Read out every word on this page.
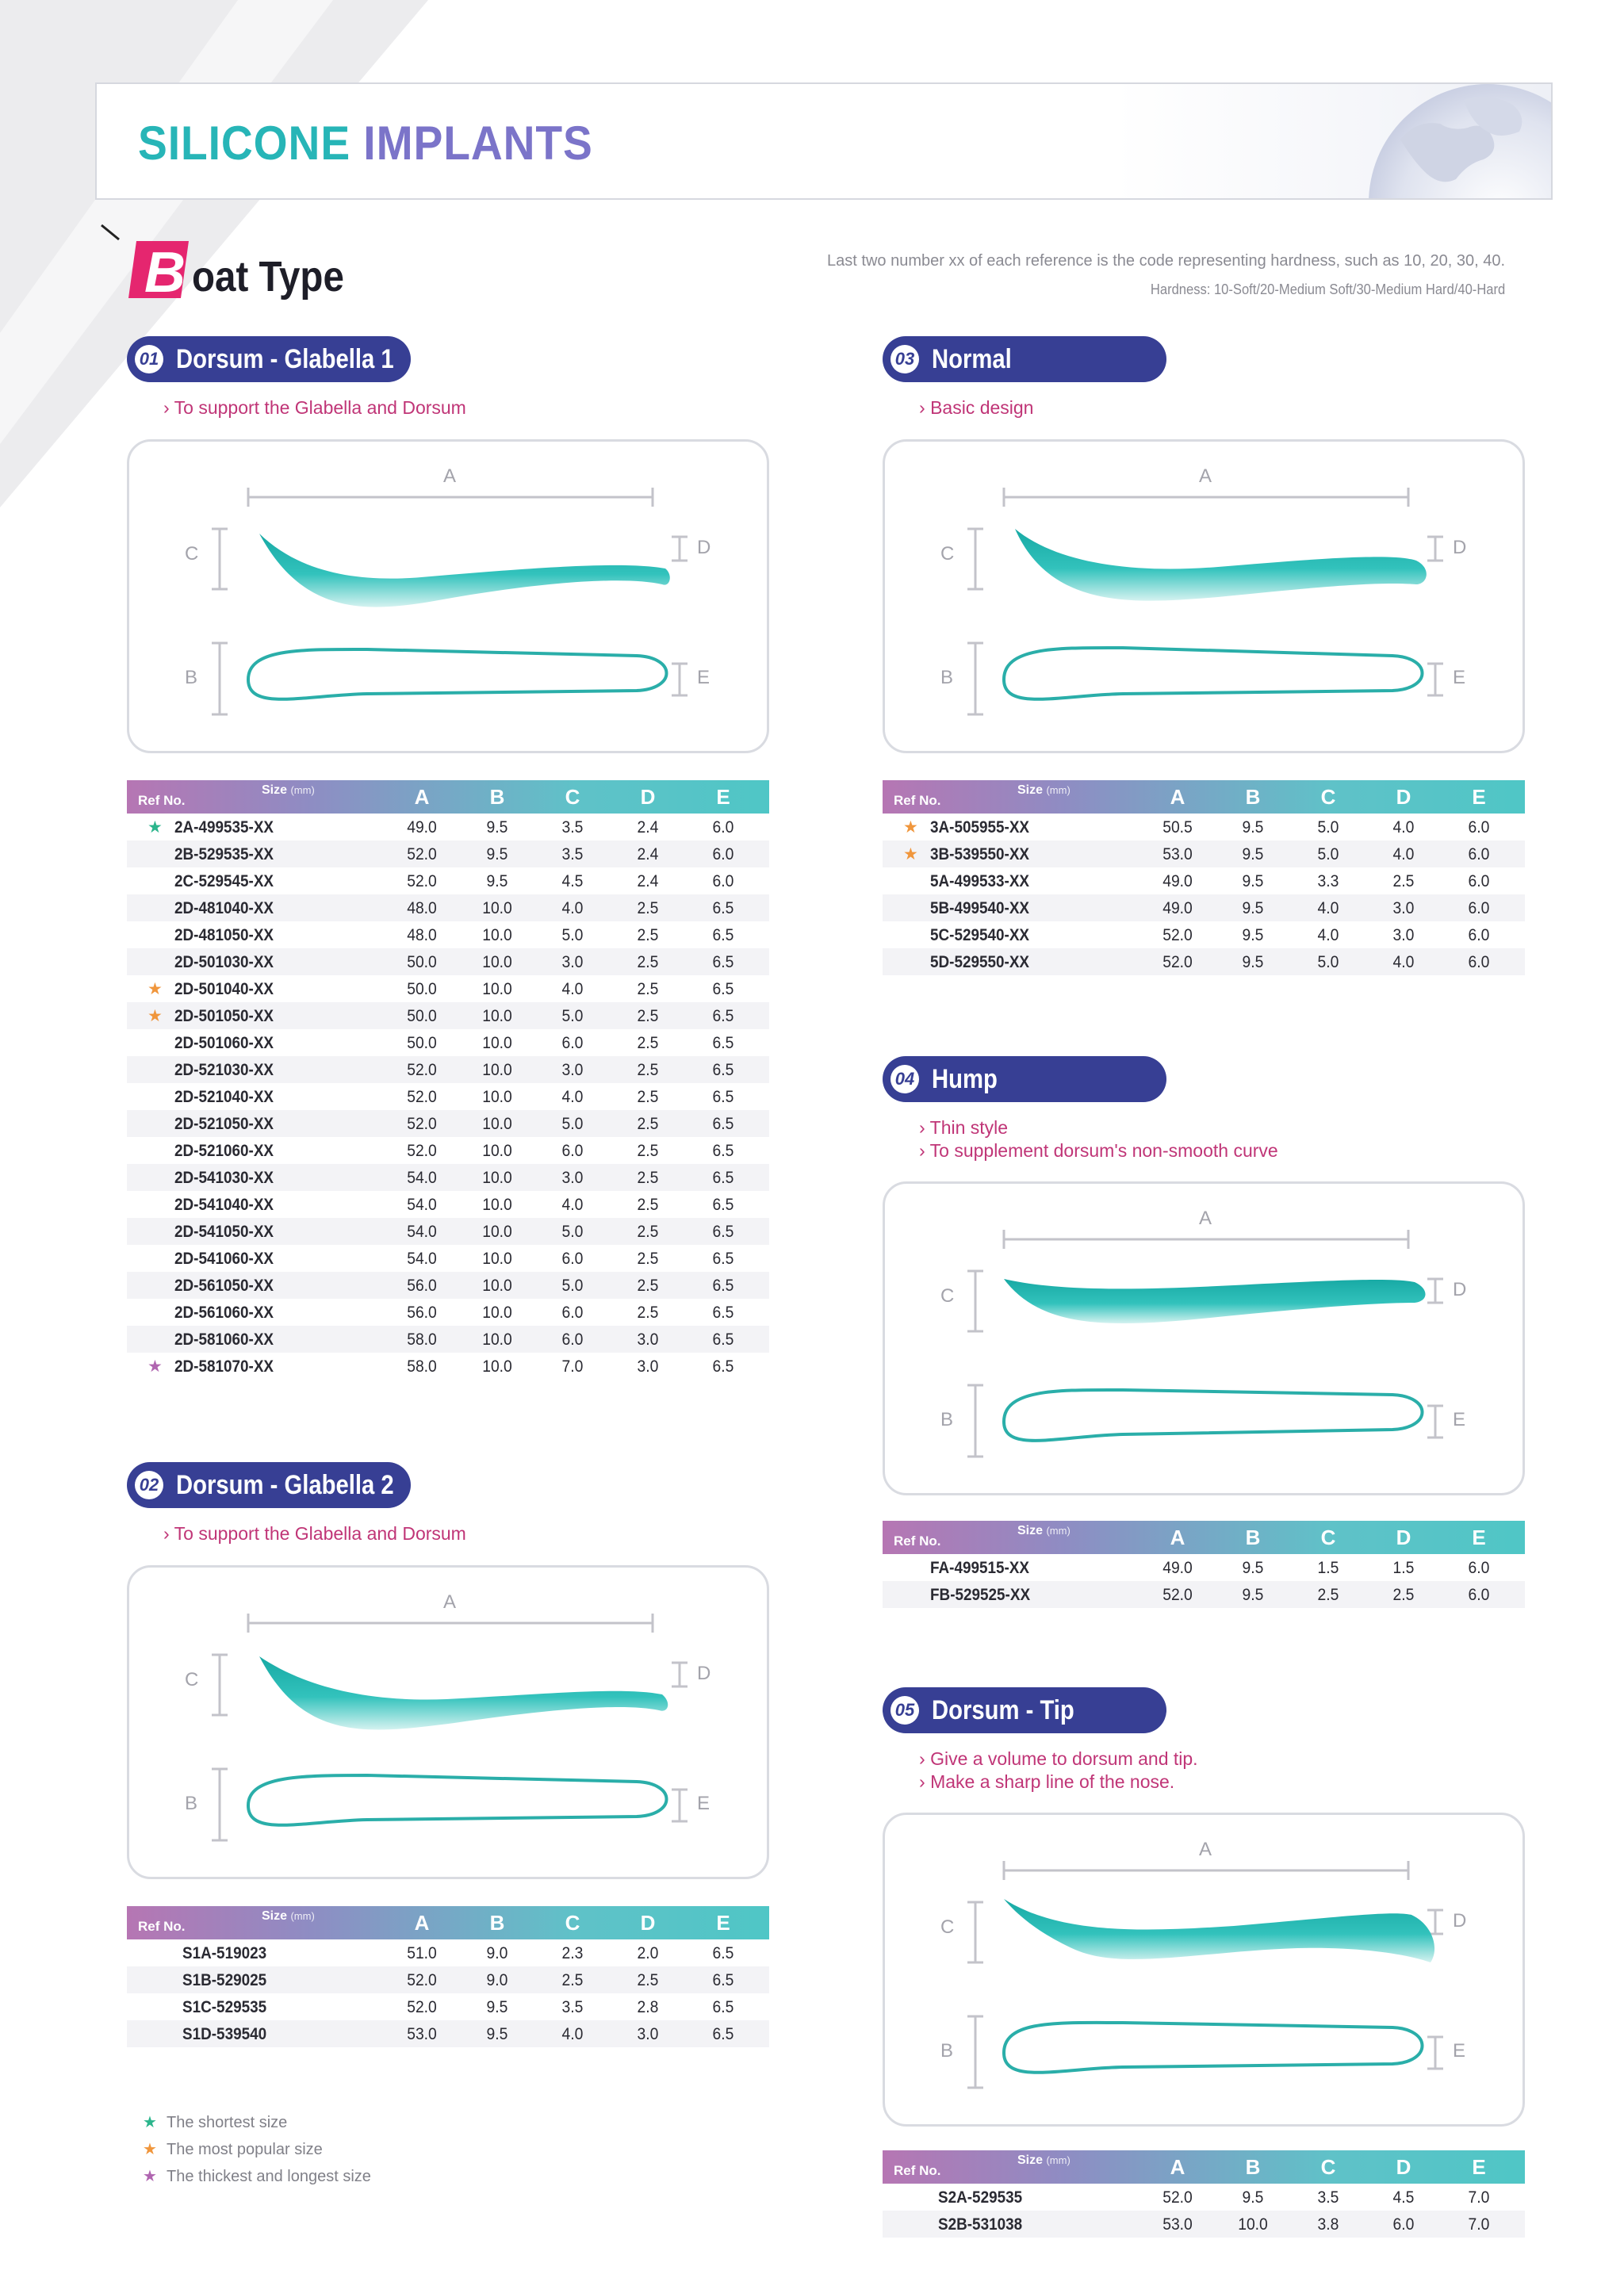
SILICONE IMPLANTS
B oat Type	Last two number xx of each reference is the code representing hardness, such as 10, 20, 30, 40.
Hardness: 10-Soft/20-Medium Soft/30-Medium Hard/40-Hard
01 Dorsum - Glabella 1
› To support the Glabella and Dorsum
A
C	D
B	E
Ref No.
Size (mm)	A	B	C	D	E
★ 2A-499535-XX	49.0	9.5	3.5	2.4	6.0
2B-529535-XX	52.0	9.5	3.5	2.4	6.0
2C-529545-XX	52.0	9.5	4.5	2.4	6.0
2D-481040-XX	48.0	10.0	4.0	2.5	6.5
2D-481050-XX	48.0	10.0	5.0	2.5	6.5
2D-501030-XX	50.0	10.0	3.0	2.5	6.5
★ 2D-501040-XX	50.0	10.0	4.0	2.5	6.5
★ 2D-501050-XX	50.0	10.0	5.0	2.5	6.5
2D-501060-XX	50.0	10.0	6.0	2.5	6.5
2D-521030-XX	52.0	10.0	3.0	2.5	6.5
2D-521040-XX	52.0	10.0	4.0	2.5	6.5
2D-521050-XX	52.0	10.0	5.0	2.5	6.5
2D-521060-XX	52.0	10.0	6.0	2.5	6.5
2D-541030-XX	54.0	10.0	3.0	2.5	6.5
2D-541040-XX	54.0	10.0	4.0	2.5	6.5
2D-541050-XX	54.0	10.0	5.0	2.5	6.5
2D-541060-XX	54.0	10.0	6.0	2.5	6.5
2D-561050-XX	56.0	10.0	5.0	2.5	6.5
2D-561060-XX	56.0	10.0	6.0	2.5	6.5
2D-581060-XX	58.0	10.0	6.0	3.0	6.5
★ 2D-581070-XX	58.0	10.0	7.0	3.0	6.5
02 Dorsum - Glabella 2
› To support the Glabella and Dorsum
A
C	D
B	E
Ref No.
Size (mm)	A	B	C	D	E
S1A-519023	51.0	9.0	2.3	2.0	6.5
S1B-529025	52.0	9.0	2.5	2.5	6.5
S1C-529535	52.0	9.5	3.5	2.8	6.5
S1D-539540	53.0	9.5	4.0	3.0	6.5
03 Normal
› Basic design
A
C	D
B	E
Ref No.
Size (mm)	A	B	C	D	E
★ 3A-505955-XX	50.5	9.5	5.0	4.0	6.0
★ 3B-539550-XX	53.0	9.5	5.0	4.0	6.0
5A-499533-XX	49.0	9.5	3.3	2.5	6.0
5B-499540-XX	49.0	9.5	4.0	3.0	6.0
5C-529540-XX	52.0	9.5	4.0	3.0	6.0
5D-529550-XX	52.0	9.5	5.0	4.0	6.0
04 Hump
› Thin style
› To supplement dorsum's non-smooth curve
A
C	D
B	E
Ref No.
Size (mm)	A	B	C	D	E
FA-499515-XX	49.0	9.5	1.5	1.5	6.0
FB-529525-XX	52.0	9.5	2.5	2.5	6.0
05 Dorsum - Tip
› Give a volume to dorsum and tip.
› Make a sharp line of the nose.
A
C	D
B	E
Ref No.
Size (mm)	A	B	C	D	E
S2A-529535	52.0	9.5	3.5	4.5	7.0
S2B-531038	53.0	10.0	3.8	6.0	7.0
★ The shortest size
★ The most popular size
★ The thickest and longest size
